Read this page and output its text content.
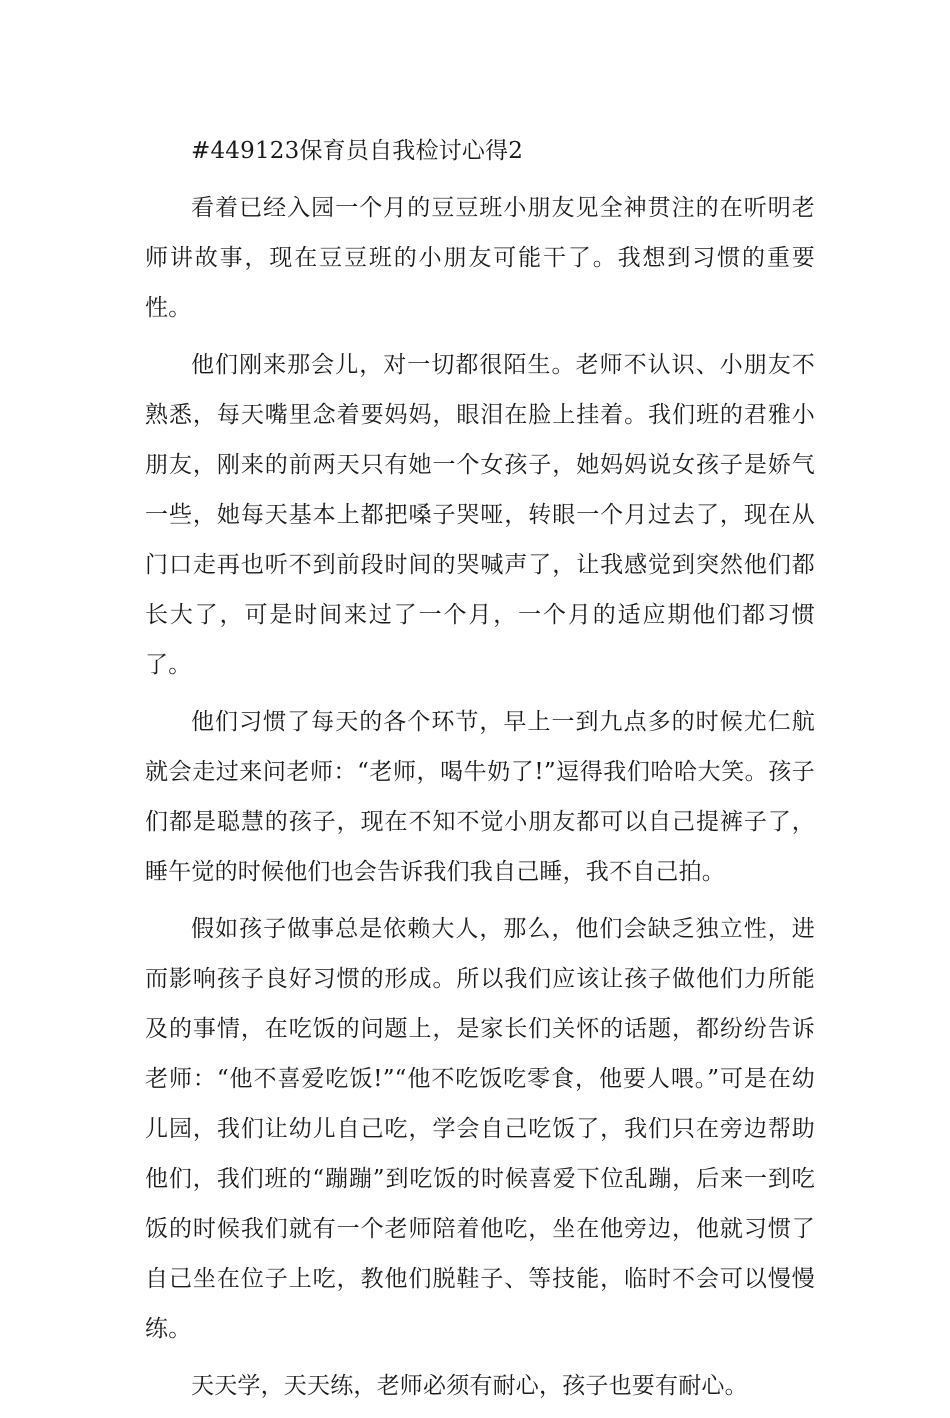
#449123保育员自我检讨心得2

看着已经入园一个月的豆豆班小朋友见全神贯注的在听明老师讲故事，现在豆豆班的小朋友可能干了。我想到习惯的重要性。

他们刚来那会儿，对一切都很陌生。老师不认识、小朋友不熟悉，每天嘴里念着要妈妈，眼泪在脸上挂着。我们班的君雅小朋友，刚来的前两天只有她一个女孩子，她妈妈说女孩子是娇气一些，她每天基本上都把嗓子哭哑，转眼一个月过去了，现在从门口走再也听不到前段时间的哭喊声了，让我感觉到突然他们都长大了，可是时间来过了一个月，一个月的适应期他们都习惯了。

他们习惯了每天的各个环节，早上一到九点多的时候尤仁航就会走过来问老师：“老师，喝牛奶了!”逗得我们哈哈大笑。孩子们都是聪慧的孩子，现在不知不觉小朋友都可以自己提裤子了，睡午觉的时候他们也会告诉我们我自己睡，我不自己拍。

假如孩子做事总是依赖大人，那么，他们会缺乏独立性，进而影响孩子良好习惯的形成。所以我们应该让孩子做他们力所能及的事情，在吃饭的问题上，是家长们关怀的话题，都纷纷告诉老师：“他不喜爱吃饭!”“他不吃饭吃零食，他要人喂。”可是在幼儿园，我们让幼儿自己吃，学会自己吃饭了，我们只在旁边帮助他们，我们班的“蹦蹦”到吃饭的时候喜爱下位乱蹦，后来一到吃饭的时候我们就有一个老师陪着他吃，坐在他旁边，他就习惯了自己坐在位子上吃，教他们脱鞋子、等技能，临时不会可以慢慢练。

天天学，天天练，老师必须有耐心，孩子也要有耐心。
